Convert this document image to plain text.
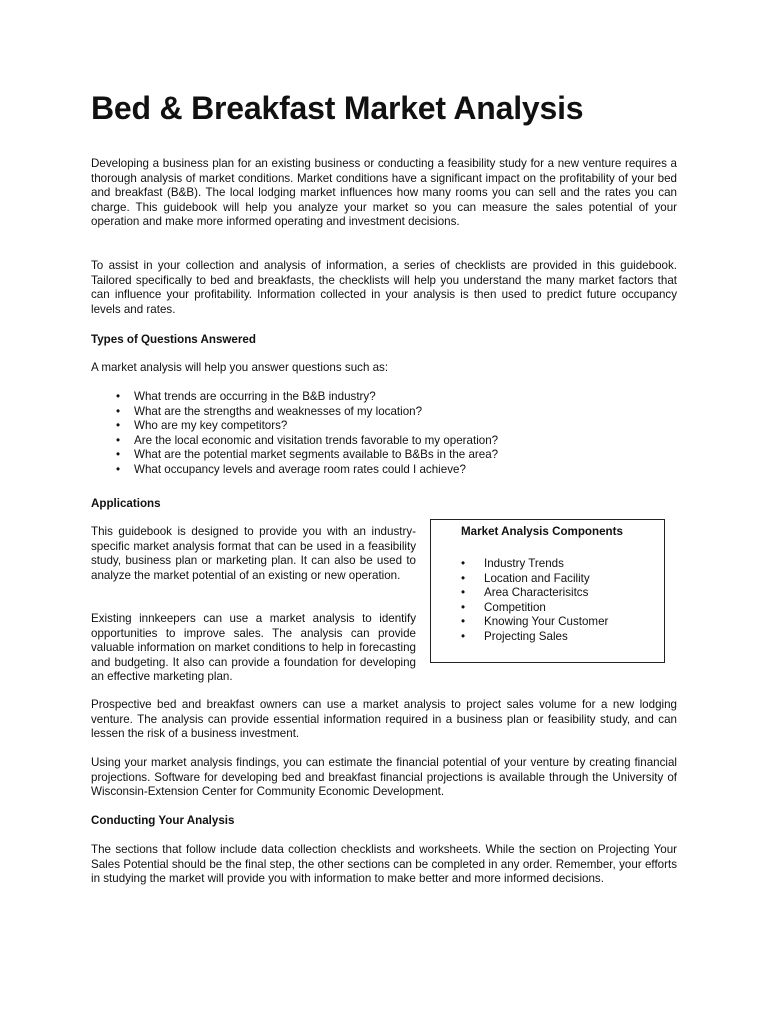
Bed & Breakfast Market Analysis

Developing a business plan for an existing business or conducting a feasibility study for a new venture requires a thorough analysis of market conditions. Market conditions have a significant impact on the profitability of your bed and breakfast (B&B). The local lodging market influences how many rooms you can sell and the rates you can charge. This guidebook will help you analyze your market so you can measure the sales potential of your operation and make more informed operating and investment decisions.

To assist in your collection and analysis of information, a series of checklists are provided in this guidebook. Tailored specifically to bed and breakfasts, the checklists will help you understand the many market factors that can influence your profitability. Information collected in your analysis is then used to predict future occupancy levels and rates.

Types of Questions Answered

A market analysis will help you answer questions such as:

• What trends are occurring in the B&B industry?
• What are the strengths and weaknesses of my location?
• Who are my key competitors?
• Are the local economic and visitation trends favorable to my operation?
• What are the potential market segments available to B&Bs in the area?
• What occupancy levels and average room rates could I achieve?
Applications

This guidebook is designed to provide you with an industry-specific market analysis format that can be used in a feasibility study, business plan or marketing plan. It can also be used to analyze the market potential of an existing or new operation.

Existing innkeepers can use a market analysis to identify opportunities to improve sales. The analysis can provide valuable information on market conditions to help in forecasting and budgeting. It also can provide a foundation for developing an effective marketing plan.

Market Analysis Components
• Industry Trends
• Location and Facility
• Area Characterisitcs
• Competition
• Knowing Your Customer
• Projecting Sales

Prospective bed and breakfast owners can use a market analysis to project sales volume for a new lodging venture. The analysis can provide essential information required in a business plan or feasibility study, and can lessen the risk of a business investment.

Using your market analysis findings, you can estimate the financial potential of your venture by creating financial projections. Software for developing bed and breakfast financial projections is available through the University of Wisconsin-Extension Center for Community Economic Development.

Conducting Your Analysis

The sections that follow include data collection checklists and worksheets. While the section on Projecting Your Sales Potential should be the final step, the other sections can be completed in any order. Remember, your efforts in studying the market will provide you with information to make better and more informed decisions.
